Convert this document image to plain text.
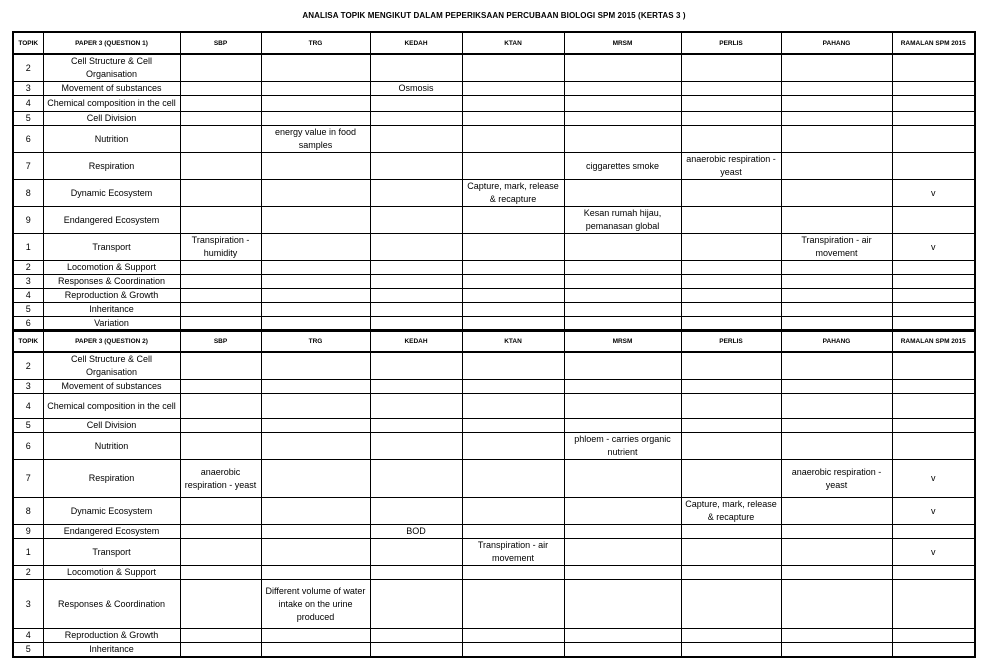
ANALISA TOPIK MENGIKUT DALAM PEPERIKSAAN PERCUBAAN BIOLOGI SPM 2015 (KERTAS 3 )
TOPIK	PAPER 3 (QUESTION 1)	SBP	TRG	KEDAH	KTAN	MRSM	PERLIS	PAHANG	RAMALAN SPM 2015
2	Cell Structure & Cell Organisation								
3	Movement of substances			Osmosis					
4	Chemical composition in the cell								
5	Cell Division								
6	Nutrition		energy value in food samples						
7	Respiration					ciggarettes smoke	anaerobic respiration - yeast		
8	Dynamic Ecosystem				Capture, mark, release & recapture				v
9	Endangered Ecosystem					Kesan rumah hijau, pemanasan global			
1	Transport	Transpiration - humidity						Transpiration - air movement	v
2	Locomotion & Support								
3	Responses & Coordination								
4	Reproduction & Growth								
5	Inheritance								
6	Variation								
TOPIK	PAPER 3 (QUESTION 2)	SBP	TRG	KEDAH	KTAN	MRSM	PERLIS	PAHANG	RAMALAN SPM 2015
2	Cell Structure & Cell Organisation								
3	Movement of substances								
4	Chemical composition in the cell								
5	Cell Division								
6	Nutrition					phloem - carries organic nutrient			
7	Respiration	anaerobic respiration - yeast						anaerobic respiration - yeast	v
8	Dynamic Ecosystem						Capture, mark, release & recapture		v
9	Endangered Ecosystem			BOD					
1	Transport				Transpiration - air movement				v
2	Locomotion & Support								
3	Responses & Coordination		Different volume of water intake on the urine produced						
4	Reproduction & Growth								
5	Inheritance								
